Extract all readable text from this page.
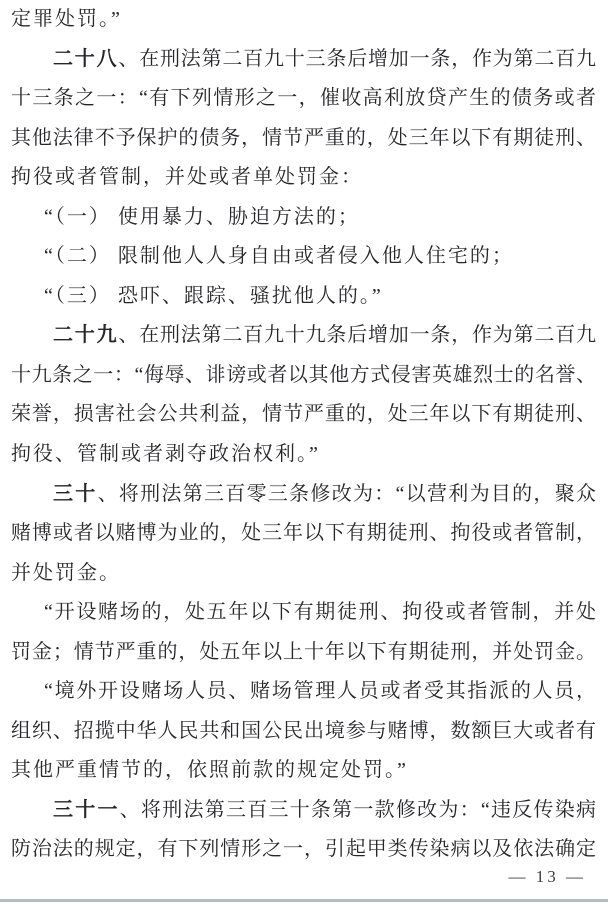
定罪处罚。”
二十八、在刑法第二百九十三条后增加一条，作为第二百九
十三条之一：“有下列情形之一，催收高利放贷产生的债务或者
其他法律不予保护的债务，情节严重的，处三年以下有期徒刑、
拘役或者管制，并处或者单处罚金：
“（一） 使用暴力、胁迫方法的；
“（二） 限制他人人身自由或者侵入他人住宅的；
“（三） 恐吓、跟踪、骚扰他人的。”
二十九、在刑法第二百九十九条后增加一条，作为第二百九
十九条之一：“侮辱、诽谤或者以其他方式侵害英雄烈士的名誉、
荣誉，损害社会公共利益，情节严重的，处三年以下有期徒刑、
拘役、管制或者剥夺政治权利。”
三十、将刑法第三百零三条修改为：“以营利为目的，聚众
赌博或者以赌博为业的，处三年以下有期徒刑、拘役或者管制，
并处罚金。
“开设赌场的，处五年以下有期徒刑、拘役或者管制，并处
罚金；情节严重的，处五年以上十年以下有期徒刑，并处罚金。
“境外开设赌场人员、赌场管理人员或者受其指派的人员，
组织、招揽中华人民共和国公民出境参与赌博，数额巨大或者有
其他严重情节的，依照前款的规定处罚。”
三十一、将刑法第三百三十条第一款修改为：“违反传染病
防治法的规定，有下列情形之一，引起甲类传染病以及依法确定
— 13 —
